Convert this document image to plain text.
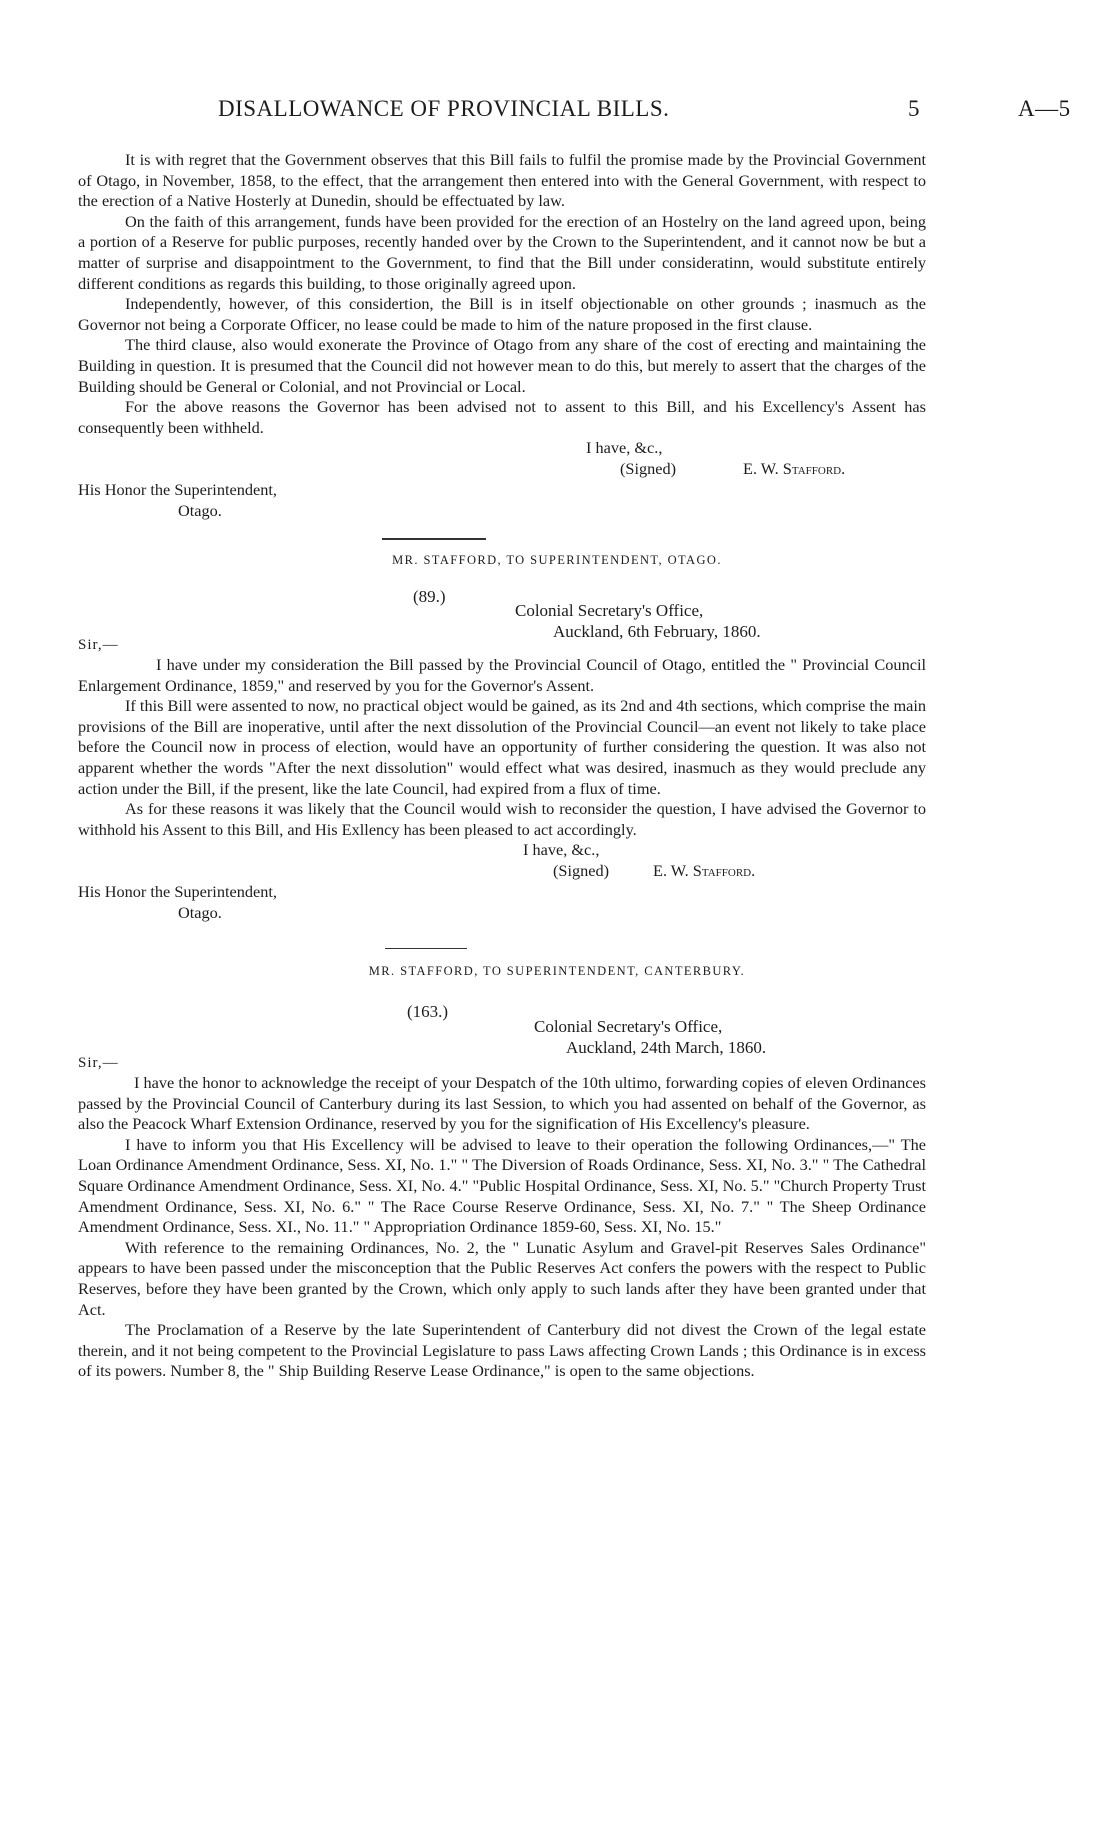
DISALLOWANCE OF PROVINCIAL BILLS.	5	A—5

It is with regret that the Government observes that this Bill fails to fulfil the promise made by the Provincial Government of Otago, in November, 1858, to the effect, that the arrangement then entered into with the General Government, with respect to the erection of a Native Hosterly at Dunedin, should be effectuated by law.

On the faith of this arrangement, funds have been provided for the erection of an Hostelry on the land agreed upon, being a portion of a Reserve for public purposes, recently handed over by the Crown to the Superintendent, and it cannot now be but a matter of surprise and disappointment to the Government, to find that the Bill under consideratinn, would substitute entirely different conditions as regards this building, to those originally agreed upon.

Independently, however, of this considertion, the Bill is in itself objectionable on other grounds ; inasmuch as the Governor not being a Corporate Officer, no lease could be made to him of the nature proposed in the first clause.

The third clause, also would exonerate the Province of Otago from any share of the cost of erecting and maintaining the Building in question. It is presumed that the Council did not however mean to do this, but merely to assert that the charges of the Building should be General or Colonial, and not Provincial or Local.

For the above reasons the Governor has been advised not to assent to this Bill, and his Excellency's Assent has consequently been withheld.

I have, &c.,
(Signed)	E. W. Stafford.
His Honor the Superintendent,
Otago.
MR. STAFFORD, TO SUPERINTENDENT, OTAGO.
(89.)
Colonial Secretary's Office,
Auckland, 6th February, 1860.
Sir,—

I have under my consideration the Bill passed by the Provincial Council of Otago, entitled the " Provincial Council Enlargement Ordinance, 1859," and reserved by you for the Governor's Assent.

If this Bill were assented to now, no practical object would be gained, as its 2nd and 4th sections, which comprise the main provisions of the Bill are inoperative, until after the next dissolution of the Provincial Council—an event not likely to take place before the Council now in process of election, would have an opportunity of further considering the question. It was also not apparent whether the words "After the next dissolution" would effect what was desired, inasmuch as they would preclude any action under the Bill, if the present, like the late Council, had expired from a flux of time.

As for these reasons it was likely that the Council would wish to reconsider the question, I have advised the Governor to withhold his Assent to this Bill, and His Exllency has been pleased to act accordingly.

I have, &c.,
(Signed)	E. W. Stafford.
His Honor the Superintendent,
Otago.
MR. STAFFORD, TO SUPERINTENDENT, CANTERBURY.
(163.)
Colonial Secretary's Office,
Auckland, 24th March, 1860.
Sir,—

I have the honor to acknowledge the receipt of your Despatch of the 10th ultimo, forwarding copies of eleven Ordinances passed by the Provincial Council of Canterbury during its last Session, to which you had assented on behalf of the Governor, as also the Peacock Wharf Extension Ordinance, reserved by you for the signification of His Excellency's pleasure.

I have to inform you that His Excellency will be advised to leave to their operation the following Ordinances,—" The Loan Ordinance Amendment Ordinance, Sess. XI, No. 1." " The Diversion of Roads Ordinance, Sess. XI, No. 3." " The Cathedral Square Ordinance Amendment Ordinance, Sess. XI, No. 4." "Public Hospital Ordinance, Sess. XI, No. 5." "Church Property Trust Amendment Ordinance, Sess. XI, No. 6." " The Race Course Reserve Ordinance, Sess. XI, No. 7." " The Sheep Ordinance Amendment Ordinance, Sess. XI., No. 11." " Appropriation Ordinance 1859-60, Sess. XI, No. 15."

With reference to the remaining Ordinances, No. 2, the " Lunatic Asylum and Gravel-pit Reserves Sales Ordinance" appears to have been passed under the misconception that the Public Reserves Act confers the powers with the respect to Public Reserves, before they have been granted by the Crown, which only apply to such lands after they have been granted under that Act.

The Proclamation of a Reserve by the late Superintendent of Canterbury did not divest the Crown of the legal estate therein, and it not being competent to the Provincial Legislature to pass Laws affecting Crown Lands ; this Ordinance is in excess of its powers. Number 8, the " Ship Building Reserve Lease Ordinance," is open to the same objections.
